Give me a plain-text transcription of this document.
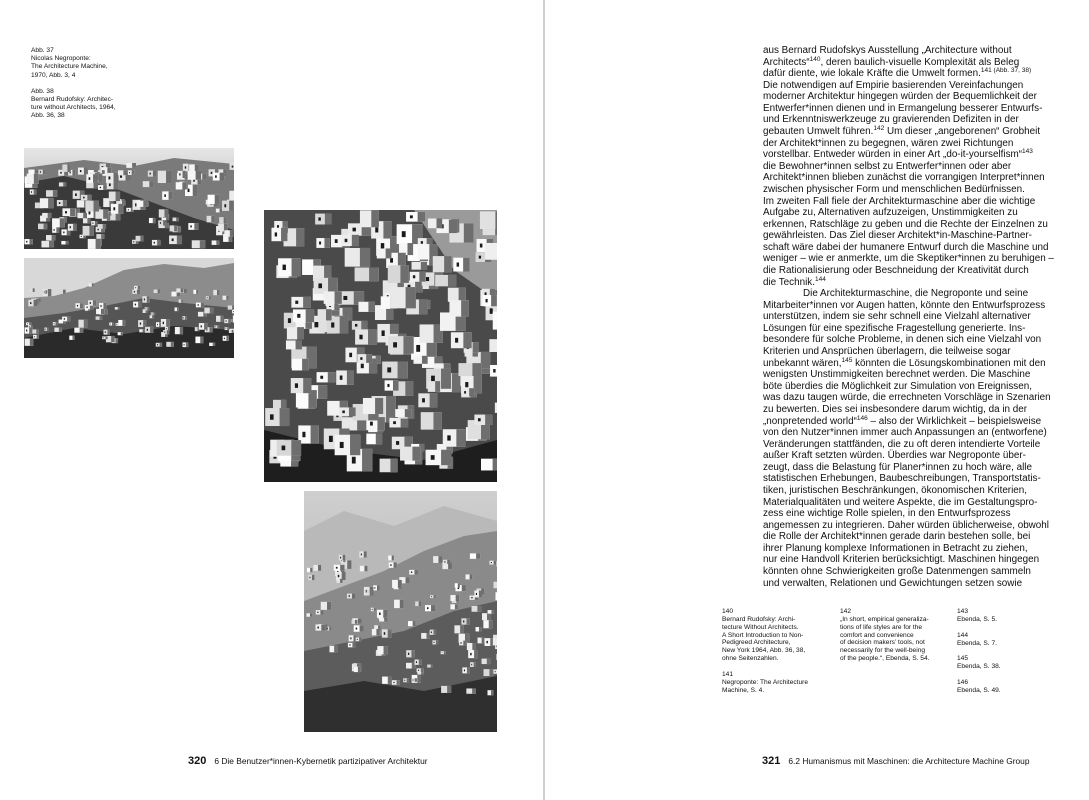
Abb. 37
Nicolas Negroponte:
The Architecture Machine,
1970, Abb. 3, 4
Abb. 38
Bernard Rudofsky: Architec-
ture without Architects, 1964,
Abb. 36, 38
320 6 Die Benutzer*innen-Kybernetik partizipativer Architektur
aus Bernard Rudofskys Ausstellung „Architecture without
Architects“$^{140}$, deren baulich-visuelle Komplexität als Beleg
dafür diente, wie lokale Kräfte die Umwelt formen.$^{141 (Abb. 37, 38)}$
Die notwendigen auf Empirie basierenden Vereinfachungen
moderner Architektur hingegen würden der Bequemlichkeit der
Entwerfer*innen dienen und in Ermangelung besserer Entwurfs-
und Erkenntniswerkzeuge zu gravierenden Defiziten in der
gebauten Umwelt führen.$^{142}$ Um dieser „angeborenen“ Grobheit
der Architekt*innen zu begegnen, wären zwei Richtungen
vorstellbar. Entweder würden in einer Art „do-it-yourselfism“$^{143}$
die Bewohner*innen selbst zu Entwerfer*innen oder aber
Architekt*innen blieben zunächst die vorrangigen Interpret*innen
zwischen physischer Form und menschlichen Bedürfnissen.
Im zweiten Fall fiele der Architekturmaschine aber die wichtige
Aufgabe zu, Alternativen aufzuzeigen, Unstimmigkeiten zu
erkennen, Ratschläge zu geben und die Rechte der Einzelnen zu
gewährleisten. Das Ziel dieser Architekt*in-Maschine-Partner-
schaft wäre dabei der humanere Entwurf durch die Maschine und
weniger – wie er anmerkte, um die Skeptiker*innen zu beruhigen –
die Rationalisierung oder Beschneidung der Kreativität durch
die Technik.$^{144}$
Die Architekturmaschine, die Negroponte und seine
Mitarbeiter*innen vor Augen hatten, könnte den Entwurfsprozess
unterstützen, indem sie sehr schnell eine Vielzahl alternativer
Lösungen für eine spezifische Fragestellung generierte. Ins-
besondere für solche Probleme, in denen sich eine Vielzahl von
Kriterien und Ansprüchen überlagern, die teilweise sogar
unbekannt wären,$^{145}$ könnten die Lösungskombinationen mit den
wenigsten Unstimmigkeiten berechnet werden. Die Maschine
böte überdies die Möglichkeit zur Simulation von Ereignissen,
was dazu taugen würde, die errechneten Vorschläge in Szenarien
zu bewerten. Dies sei insbesondere darum wichtig, da in der
„nonpretended world“$^{146}$ – also der Wirklichkeit – beispielsweise
von den Nutzer*innen immer auch Anpassungen an (entworfene)
Veränderungen stattfänden, die zu oft deren intendierte Vorteile
außer Kraft setzten würden. Überdies war Negroponte über-
zeugt, dass die Belastung für Planer*innen zu hoch wäre, alle
statistischen Erhebungen, Baubeschreibungen, Transportstatis-
tiken, juristischen Beschränkungen, ökonomischen Kriterien,
Materialqualitäten und weitere Aspekte, die im Gestaltungspro-
zess eine wichtige Rolle spielen, in den Entwurfsprozess
angemessen zu integrieren. Daher würden üblicherweise, obwohl
die Rolle der Architekt*innen gerade darin bestehen solle, bei
ihrer Planung komplexe Informationen in Betracht zu ziehen,
nur eine Handvoll Kriterien berücksichtigt. Maschinen hingegen
könnten ohne Schwierigkeiten große Datenmengen sammeln
und verwalten, Relationen und Gewichtungen setzen sowie
140
Bernard Rudofsky: Archi-
tecture Without Architects.
A Short Introduction to Non-
Pedigreed Architecture,
New York 1964, Abb. 36, 38,
ohne Seitenzahlen.
141
Negroponte: The Architecture
Machine, S. 4.
142
„In short, empirical generaliza-
tions of life styles are for the
comfort and convenience
of decision makers’ tools, not
necessarily for the well-being
of the people.“, Ebenda, S. 54.
143
Ebenda, S. 5.
144
Ebenda, S. 7.
145
Ebenda, S. 38.
146
Ebenda, S. 49.
321 6.2 Humanismus mit Maschinen: die Architecture Machine Group
